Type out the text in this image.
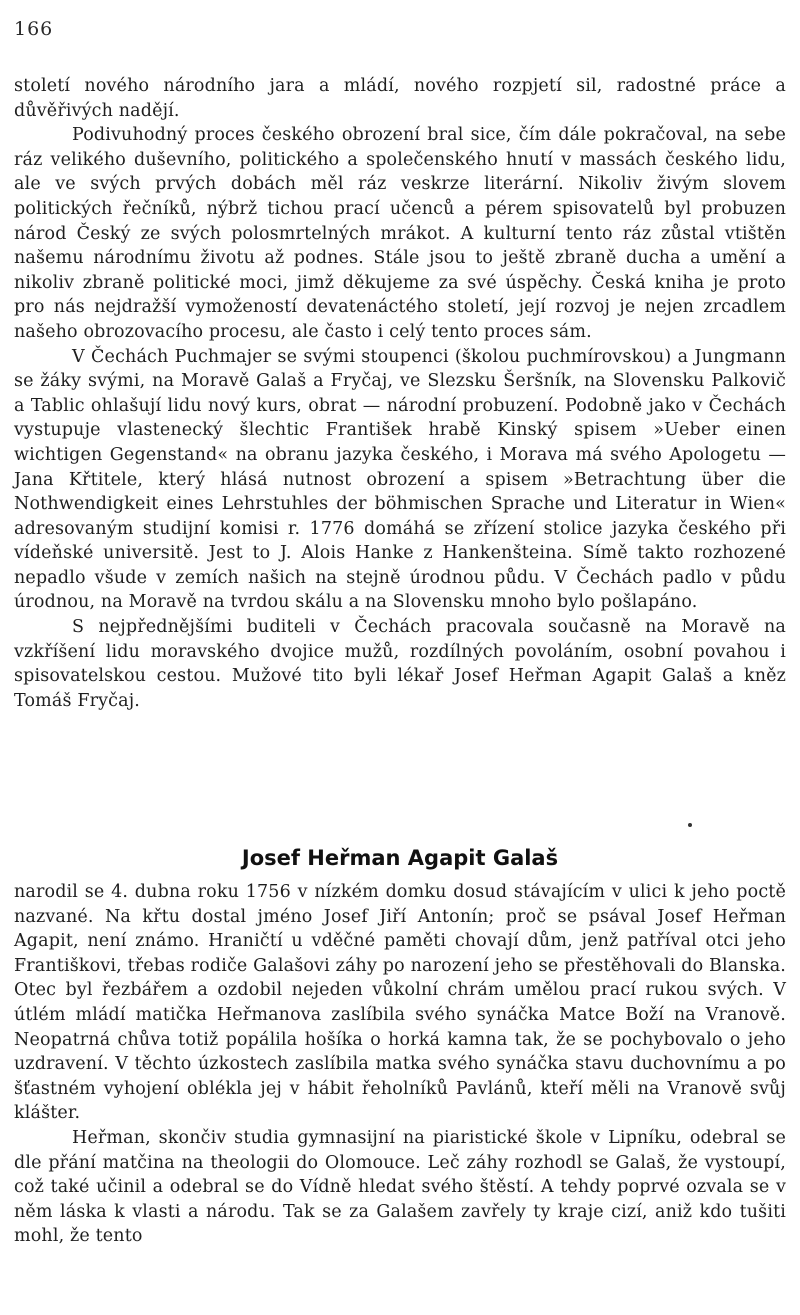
166

století nového národního jara a mládí, nového rozpjetí sil, radostné práce a důvěřivých nadějí.

Podivuhodný proces českého obrození bral sice, čím dále pokračoval, na sebe ráz velikého duševního, politického a společenského hnutí v massách českého lidu, ale ve svých prvých dobách měl ráz veskrze literární. Nikoliv živým slovem politických řečníků, nýbrž tichou prací učenců a pérem spisovatelů byl probuzen národ Český ze svých polosmrtelných mrákot. A kulturní tento ráz zůstal vtištěn našemu národnímu životu až podnes. Stále jsou to ještě zbraně ducha a umění a nikoliv zbraně politické moci, jimž děkujeme za své úspěchy. Česká kniha je proto pro nás nejdražší vymožeností devatenáctého století, její rozvoj je nejen zrcadlem našeho obrozovacího procesu, ale často i celý tento proces sám.

V Čechách Puchmajer se svými stoupenci (školou puchmírovskou) a Jungmann se žáky svými, na Moravě Galaš a Fryčaj, ve Slezsku Šeršník, na Slovensku Palkovič a Tablic ohlašují lidu nový kurs, obrat — národní probuzení. Podobně jako v Čechách vystupuje vlastenecký šlechtic František hrabě Kinský spisem »Ueber einen wichtigen Gegenstand« na obranu jazyka českého, i Morava má svého Apologetu — Jana Křtitele, který hlásá nutnost obrození a spisem »Betrachtung über die Nothwendigkeit eines Lehrstuhles der böhmischen Sprache und Literatur in Wien« adresovaným studijní komisi r. 1776 domáhá se zřízení stolice jazyka českého při vídeňské universitě. Jest to J. Alois Hanke z Hankenšteina. Símě takto rozhozené nepadlo všude v zemích našich na stejně úrodnou půdu. V Čechách padlo v půdu úrodnou, na Moravě na tvrdou skálu a na Slovensku mnoho bylo pošlapáno.

S nejpřednějšími buditeli v Čechách pracovala současně na Moravě na vzkříšení lidu moravského dvojice mužů, rozdílných povoláním, osobní povahou i spisovatelskou cestou. Mužové tito byli lékař Josef Heřman Agapit Galaš a kněz Tomáš Fryčaj.

Josef Heřman Agapit Galaš

narodil se 4. dubna roku 1756 v nízkém domku dosud stávajícím v ulici k jeho poctě nazvané. Na křtu dostal jméno Josef Jiří Antonín; proč se psával Josef Heřman Agapit, není známo. Hraničtí u vděčné paměti chovají dům, jenž patříval otci jeho Františkovi, třebas rodiče Galašovi záhy po narození jeho se přestěhovali do Blanska. Otec byl řezbářem a ozdobil nejeden vůkolní chrám umělou prací rukou svých. V útlém mládí matička Heřmanova zaslíbila svého synáčka Matce Boží na Vranově. Neopatrná chůva totiž popálila hošíka o horká kamna tak, že se pochybovalo o jeho uzdravení. V těchto úzkostech zaslíbila matka svého synáčka stavu duchovnímu a po šťastném vyhojení oblékla jej v hábit řeholníků Pavlánů, kteří měli na Vranově svůj klášter.

Heřman, skončiv studia gymnasijní na piaristické škole v Lipníku, odebral se dle přání matčina na theologii do Olomouce. Leč záhy rozhodl se Galaš, že vystoupí, což také učinil a odebral se do Vídně hledat svého štěstí. A tehdy poprvé ozvala se v něm láska k vlasti a národu. Tak se za Galašem zavřely ty kraje cizí, aniž kdo tušiti mohl, že tento
